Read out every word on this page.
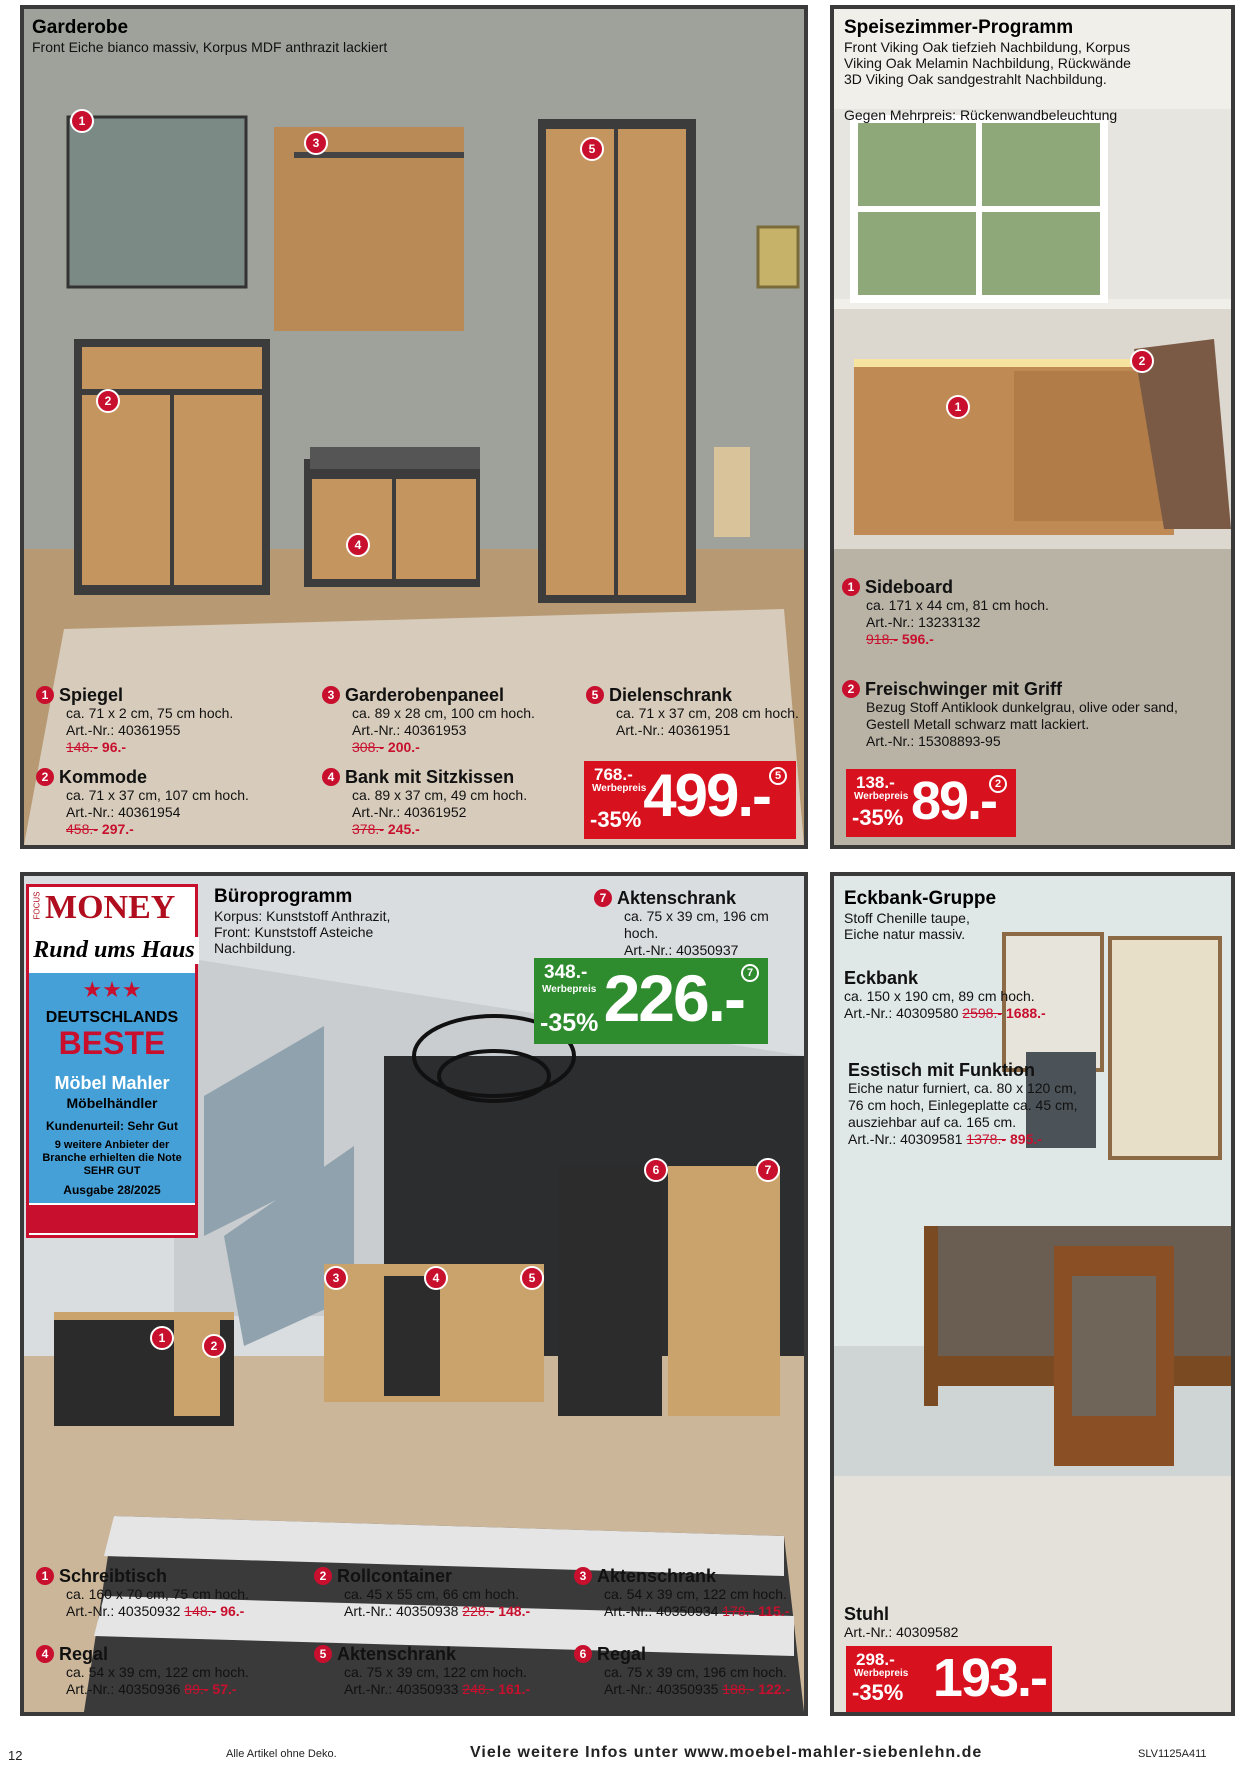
Garderobe
Front Eiche bianco massiv, Korpus MDF anthrazit lackiert
1
3	5
2
4
1 Spiegel
ca. 71 x 2 cm, 75 cm hoch.
Art.-Nr.: 40361955
148.- 96.-
2 Kommode
ca. 71 x 37 cm, 107 cm hoch.
Art.-Nr.: 40361954
458.- 297.-
3 Garderobenpaneel
ca. 89 x 28 cm, 100 cm hoch.
Art.-Nr.: 40361953
308.- 200.-
4 Bank mit Sitzkissen
ca. 89 x 37 cm, 49 cm hoch.
Art.-Nr.: 40361952
378.- 245.-
5 Dielenschrank
ca. 71 x 37 cm, 208 cm hoch.
Art.-Nr.: 40361951
768.-
Werbepreis
-35% 499.- 5
Speisezimmer-Programm
Front Viking Oak tiefzieh Nachbildung, Korpus Viking Oak Melamin Nachbildung, Rückwände 3D Viking Oak sandgestrahlt Nachbildung.
Gegen Mehrpreis: Rückenwandbeleuchtung
2
1
1 Sideboard
ca. 171 x 44 cm, 81 cm hoch.
Art.-Nr.: 13233132
918.- 596.-
2 Freischwinger mit Griff
Bezug Stoff Antiklook dunkelgrau, olive oder sand, Gestell Metall schwarz matt lackiert.
Art.-Nr.: 15308893-95
138.-
Werbepreis
-35% 89.-
2
MONEY
FOCUS
Rund ums Haus
★★★
DEUTSCHLANDS
BESTE
Möbel Mahler
Möbelhändler
Kundenurteil: Sehr Gut
9 weitere Anbieter der Branche erhielten die Note SEHR GUT
Ausgabe 28/2025
Büroprogramm
Korpus: Kunststoff Anthrazit, Front: Kunststoff Asteiche Nachbildung.
7 Aktenschrank
ca. 75 x 39 cm, 196 cm hoch.
Art.-Nr.: 40350937
348.-
Werbepreis
-35% 226.- 7
6	7
3	4	5
1
2
1 Schreibtisch
ca. 160 x 70 cm, 75 cm hoch.
Art.-Nr.: 40350932 148.- 96.-
2 Rollcontainer
ca. 45 x 55 cm, 66 cm hoch.
Art.-Nr.: 40350938 228.- 148.-
3 Aktenschrank
ca. 54 x 39 cm, 122 cm hoch.
Art.-Nr.: 40350934 178.- 115.-
4 Regal
ca. 54 x 39 cm, 122 cm hoch.
Art.-Nr.: 40350936 89.- 57.-
5 Aktenschrank
ca. 75 x 39 cm, 122 cm hoch.
Art.-Nr.: 40350933 248.- 161.-
6 Regal
ca. 75 x 39 cm, 196 cm hoch.
Art.-Nr.: 40350935 188.- 122.-
Eckbank-Gruppe
Stoff Chenille taupe, Eiche natur massiv.
Eckbank
ca. 150 x 190 cm, 89 cm hoch.
Art.-Nr.: 40309580 2598.- 1688.-
Esstisch mit Funktion
Eiche natur furniert, ca. 80 x 120 cm, 76 cm hoch, Einlegeplatte ca. 45 cm, ausziehbar auf ca. 165 cm.
Art.-Nr.: 40309581 1378.- 895.-
Stuhl
Art.-Nr.: 40309582
298.-
Werbepreis
-35% 193.-
12	Alle Artikel ohne Deko.	Viele weitere Infos unter www.moebel-mahler-siebenlehn.de	SLV1125A411
